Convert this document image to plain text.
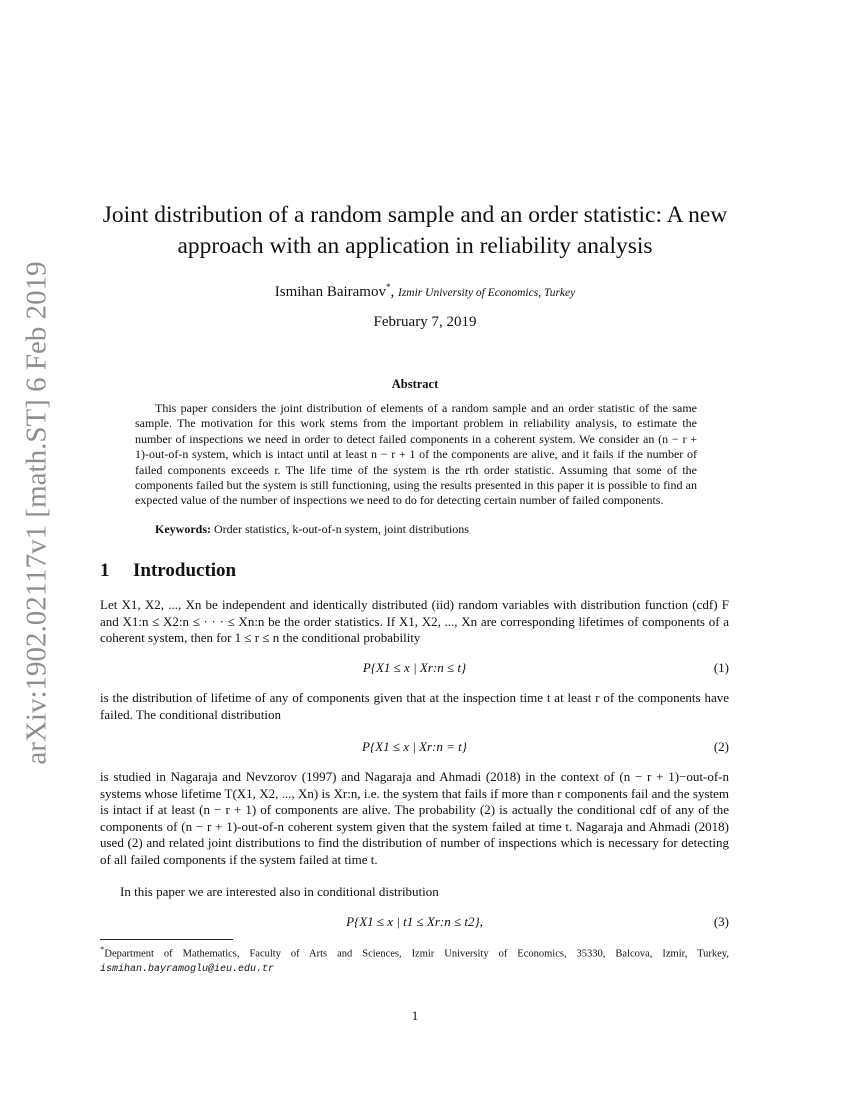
arXiv:1902.02117v1 [math.ST] 6 Feb 2019
Joint distribution of a random sample and an order statistic: A new approach with an application in reliability analysis
Ismihan Bairamov*, Izmir University of Economics, Turkey
February 7, 2019
Abstract

This paper considers the joint distribution of elements of a random sample and an order statistic of the same sample. The motivation for this work stems from the important problem in reliability analysis, to estimate the number of inspections we need in order to detect failed components in a coherent system. We consider an (n − r + 1)-out-of-n system, which is intact until at least n − r + 1 of the components are alive, and it fails if the number of failed components exceeds r. The life time of the system is the rth order statistic. Assuming that some of the components failed but the system is still functioning, using the results presented in this paper it is possible to find an expected value of the number of inspections we need to do for detecting certain number of failed components.

Keywords: Order statistics, k-out-of-n system, joint distributions
1 Introduction

Let X1, X2, ..., Xn be independent and identically distributed (iid) random variables with distribution function (cdf) F and X1:n ≤ X2:n ≤ · · · ≤ Xn:n be the order statistics. If X1, X2, ..., Xn are corresponding lifetimes of components of a coherent system, then for 1 ≤ r ≤ n the conditional probability

P{X1 ≤ x | Xr:n ≤ t}	(1)

is the distribution of lifetime of any of components given that at the inspection time t at least r of the components have failed. The conditional distribution

P{X1 ≤ x | Xr:n = t}	(2)

is studied in Nagaraja and Nevzorov (1997) and Nagaraja and Ahmadi (2018) in the context of (n − r + 1)−out-of-n systems whose lifetime T(X1, X2, ..., Xn) is Xr:n, i.e. the system that fails if more than r components fail and the system is intact if at least (n − r + 1) of components are alive. The probability (2) is actually the conditional cdf of any of the components of (n − r + 1)-out-of-n coherent system given that the system failed at time t. Nagaraja and Ahmadi (2018) used (2) and related joint distributions to find the distribution of number of inspections which is necessary for detecting of all failed components if the system failed at time t.

In this paper we are interested also in conditional distribution

P{X1 ≤ x | t1 ≤ Xr:n ≤ t2},	(3)

*Department of Mathematics, Faculty of Arts and Sciences, Izmir University of Economics, 35330, Balcova, Izmir, Turkey, ismihan.bayramoglu@ieu.edu.tr

1
